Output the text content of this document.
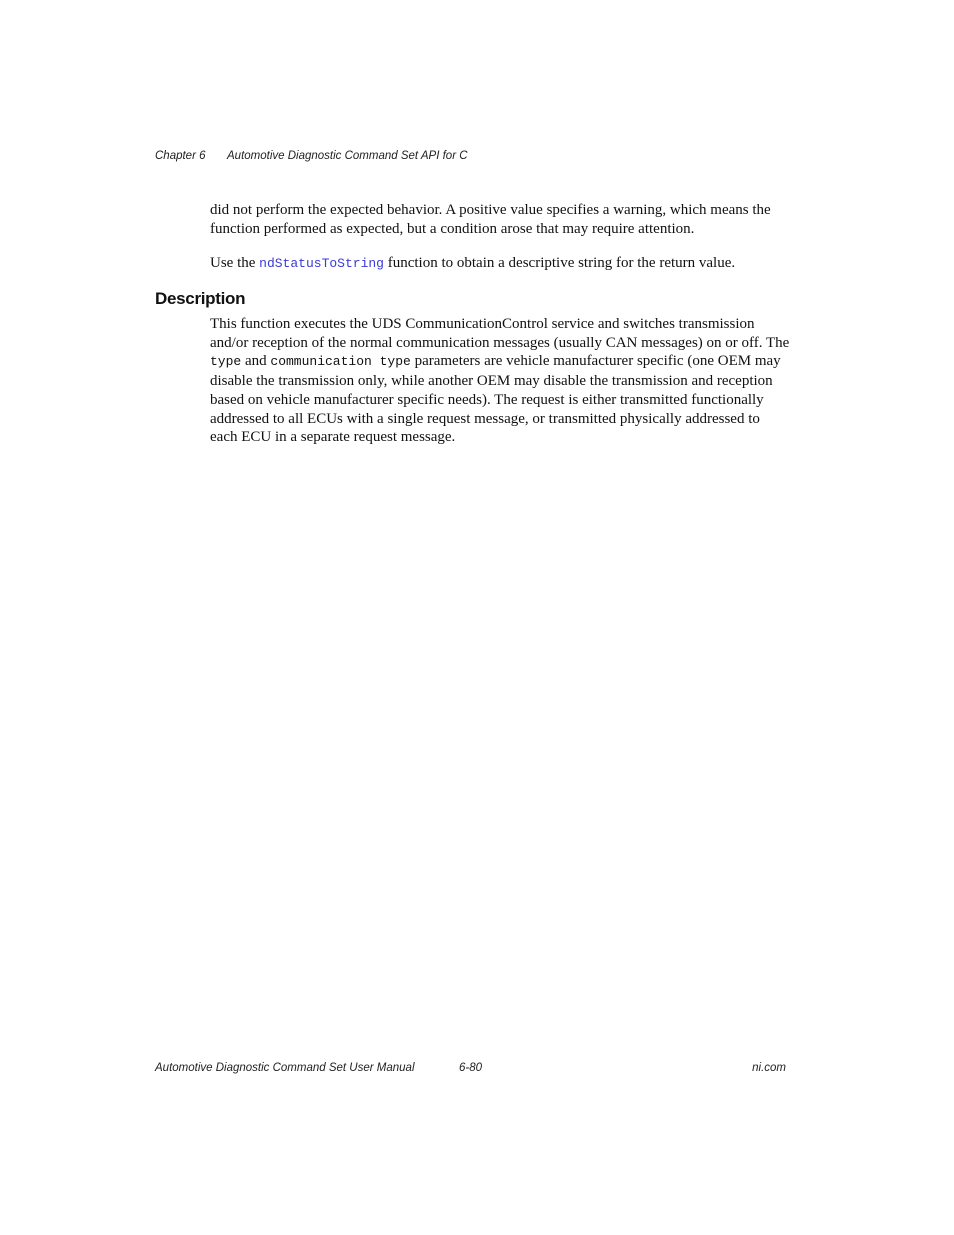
Chapter 6 Automotive Diagnostic Command Set API for C

did not perform the expected behavior. A positive value specifies a warning, which means the function performed as expected, but a condition arose that may require attention.

Use the ndStatusToString function to obtain a descriptive string for the return value.

Description

This function executes the UDS CommunicationControl service and switches transmission and/or reception of the normal communication messages (usually CAN messages) on or off. The type and communication type parameters are vehicle manufacturer specific (one OEM may disable the transmission only, while another OEM may disable the transmission and reception based on vehicle manufacturer specific needs). The request is either transmitted functionally addressed to all ECUs with a single request message, or transmitted physically addressed to each ECU in a separate request message.

Automotive Diagnostic Command Set User Manual	6-80	ni.com
